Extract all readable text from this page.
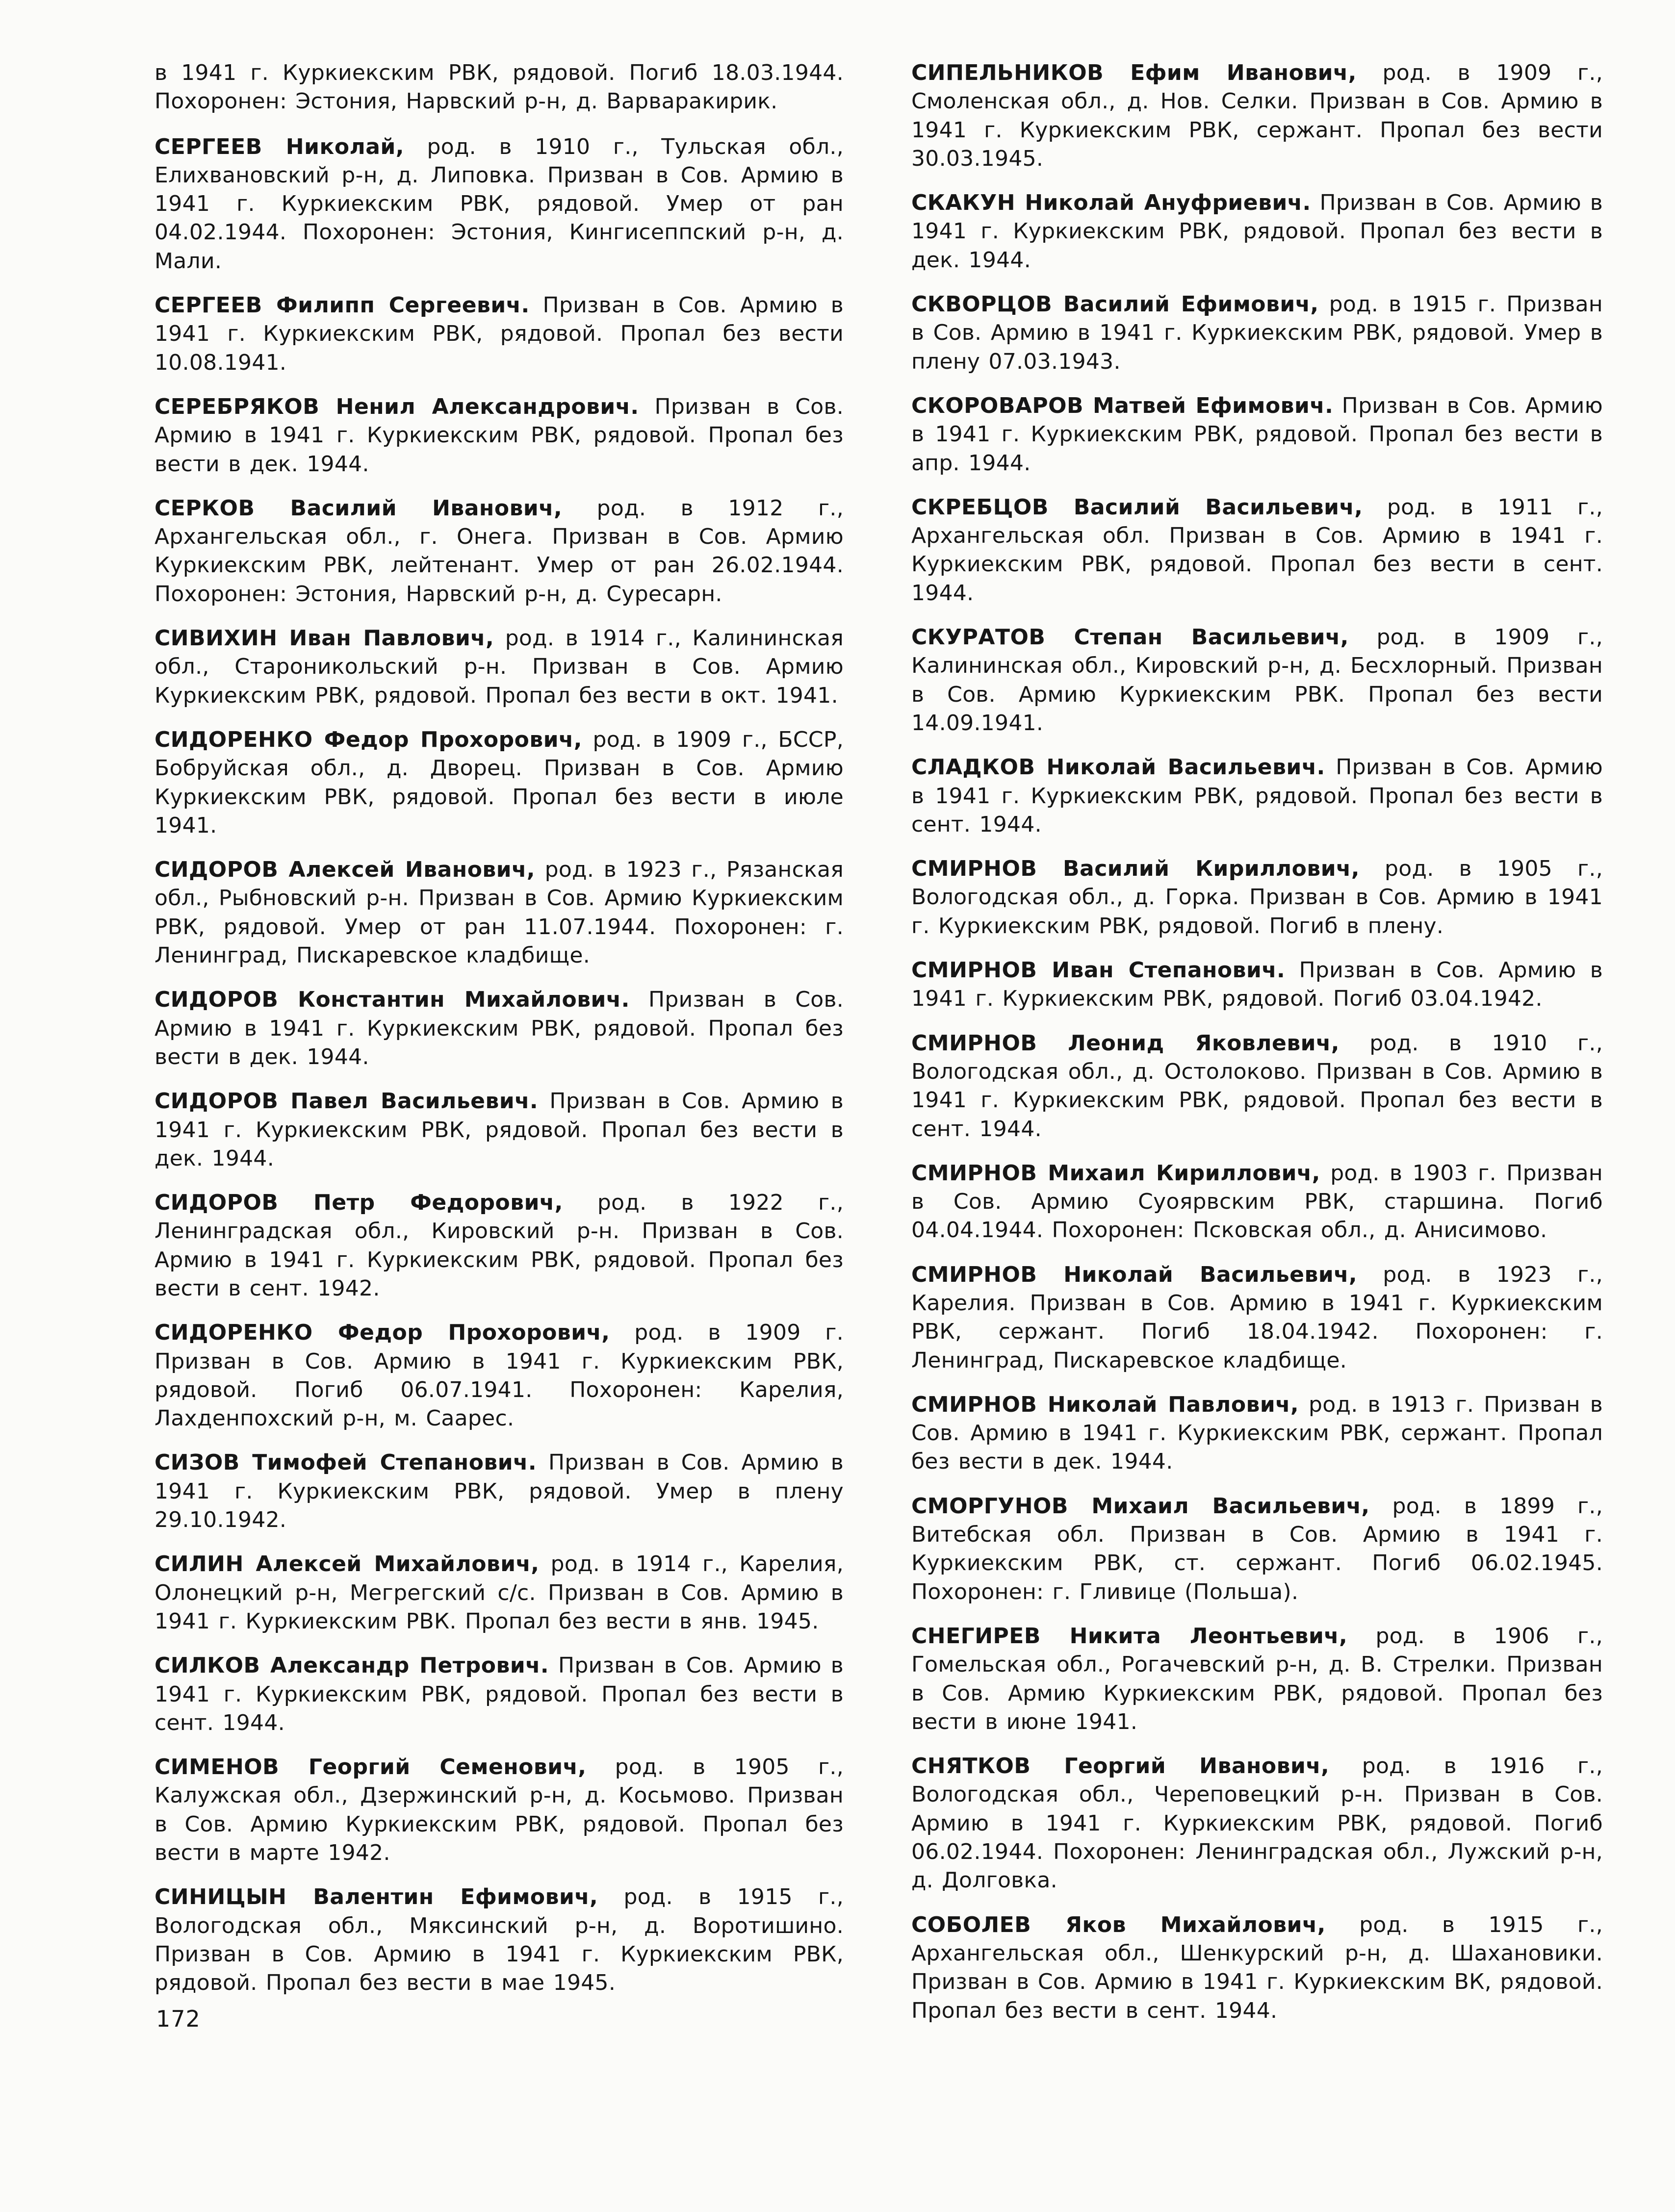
в 1941 г. Куркиекским РВК, рядовой. Погиб 18.03.1944. Похоронен: Эстония, Нарвский р-н, д. Варваракирик.

СЕРГЕЕВ Николай, род. в 1910 г., Тульская обл., Елихвановский р-н, д. Липовка. Призван в Сов. Армию в 1941 г. Куркиекским РВК, рядовой. Умер от ран 04.02.1944. Похоронен: Эстония, Кингисеппский р-н, д. Мали.

СЕРГЕЕВ Филипп Сергеевич. Призван в Сов. Армию в 1941 г. Куркиекским РВК, рядовой. Пропал без вести 10.08.1941.

СЕРЕБРЯКОВ Ненил Александрович. Призван в Сов. Армию в 1941 г. Куркиекским РВК, рядовой. Пропал без вести в дек. 1944.

СЕРКОВ Василий Иванович, род. в 1912 г., Архангельская обл., г. Онега. Призван в Сов. Армию Куркиекским РВК, лейтенант. Умер от ран 26.02.1944. Похоронен: Эстония, Нарвский р-н, д. Суресарн.

СИВИХИН Иван Павлович, род. в 1914 г., Калининская обл., Староникольский р-н. Призван в Сов. Армию Куркиекским РВК, рядовой. Пропал без вести в окт. 1941.

СИДОРЕНКО Федор Прохорович, род. в 1909 г., БССР, Бобруйская обл., д. Дворец. Призван в Сов. Армию Куркиекским РВК, рядовой. Пропал без вести в июле 1941.

СИДОРОВ Алексей Иванович, род. в 1923 г., Рязанская обл., Рыбновский р-н. Призван в Сов. Армию Куркиекским РВК, рядовой. Умер от ран 11.07.1944. Похоронен: г. Ленинград, Пискаревское кладбище.

СИДОРОВ Константин Михайлович. Призван в Сов. Армию в 1941 г. Куркиекским РВК, рядовой. Пропал без вести в дек. 1944.

СИДОРОВ Павел Васильевич. Призван в Сов. Армию в 1941 г. Куркиекским РВК, рядовой. Пропал без вести в дек. 1944.

СИДОРОВ Петр Федорович, род. в 1922 г., Ленинградская обл., Кировский р-н. Призван в Сов. Армию в 1941 г. Куркиекским РВК, рядовой. Пропал без вести в сент. 1942.

СИДОРЕНКО Федор Прохорович, род. в 1909 г. Призван в Сов. Армию в 1941 г. Куркиекским РВК, рядовой. Погиб 06.07.1941. Похоронен: Карелия, Лахденпохский р-н, м. Саарес.

СИЗОВ Тимофей Степанович. Призван в Сов. Армию в 1941 г. Куркиекским РВК, рядовой. Умер в плену 29.10.1942.

СИЛИН Алексей Михайлович, род. в 1914 г., Карелия, Олонецкий р-н, Мегрегский с/с. Призван в Сов. Армию в 1941 г. Куркиекским РВК. Пропал без вести в янв. 1945.

СИЛКОВ Александр Петрович. Призван в Сов. Армию в 1941 г. Куркиекским РВК, рядовой. Пропал без вести в сент. 1944.

СИМЕНОВ Георгий Семенович, род. в 1905 г., Калужская обл., Дзержинский р-н, д. Косьмово. Призван в Сов. Армию Куркиекским РВК, рядовой. Пропал без вести в марте 1942.

СИНИЦЫН Валентин Ефимович, род. в 1915 г., Вологодская обл., Мяксинский р-н, д. Воротишино. Призван в Сов. Армию в 1941 г. Куркиекским РВК, рядовой. Пропал без вести в мае 1945.

СИПЕЛЬНИКОВ Ефим Иванович, род. в 1909 г., Смоленская обл., д. Нов. Селки. Призван в Сов. Армию в 1941 г. Куркиекским РВК, сержант. Пропал без вести 30.03.1945.

СКАКУН Николай Ануфриевич. Призван в Сов. Армию в 1941 г. Куркиекским РВК, рядовой. Пропал без вести в дек. 1944.

СКВОРЦОВ Василий Ефимович, род. в 1915 г. Призван в Сов. Армию в 1941 г. Куркиекским РВК, рядовой. Умер в плену 07.03.1943.

СКОРОВАРОВ Матвей Ефимович. Призван в Сов. Армию в 1941 г. Куркиекским РВК, рядовой. Пропал без вести в апр. 1944.

СКРЕБЦОВ Василий Васильевич, род. в 1911 г., Архангельская обл. Призван в Сов. Армию в 1941 г. Куркиекским РВК, рядовой. Пропал без вести в сент. 1944.

СКУРАТОВ Степан Васильевич, род. в 1909 г., Калининская обл., Кировский р-н, д. Бесхлорный. Призван в Сов. Армию Куркиекским РВК. Пропал без вести 14.09.1941.

СЛАДКОВ Николай Васильевич. Призван в Сов. Армию в 1941 г. Куркиекским РВК, рядовой. Пропал без вести в сент. 1944.

СМИРНОВ Василий Кириллович, род. в 1905 г., Вологодская обл., д. Горка. Призван в Сов. Армию в 1941 г. Куркиекским РВК, рядовой. Погиб в плену.

СМИРНОВ Иван Степанович. Призван в Сов. Армию в 1941 г. Куркиекским РВК, рядовой. Погиб 03.04.1942.

СМИРНОВ Леонид Яковлевич, род. в 1910 г., Вологодская обл., д. Остолоково. Призван в Сов. Армию в 1941 г. Куркиекским РВК, рядовой. Пропал без вести в сент. 1944.

СМИРНОВ Михаил Кириллович, род. в 1903 г. Призван в Сов. Армию Суоярвским РВК, старшина. Погиб 04.04.1944. Похоронен: Псковская обл., д. Анисимово.

СМИРНОВ Николай Васильевич, род. в 1923 г., Карелия. Призван в Сов. Армию в 1941 г. Куркиекским РВК, сержант. Погиб 18.04.1942. Похоронен: г. Ленинград, Пискаревское кладбище.

СМИРНОВ Николай Павлович, род. в 1913 г. Призван в Сов. Армию в 1941 г. Куркиекским РВК, сержант. Пропал без вести в дек. 1944.

СМОРГУНОВ Михаил Васильевич, род. в 1899 г., Витебская обл. Призван в Сов. Армию в 1941 г. Куркиекским РВК, ст. сержант. Погиб 06.02.1945. Похоронен: г. Гливице (Польша).

СНЕГИРЕВ Никита Леонтьевич, род. в 1906 г., Гомельская обл., Рогачевский р-н, д. В. Стрелки. Призван в Сов. Армию Куркиекским РВК, рядовой. Пропал без вести в июне 1941.

СНЯТКОВ Георгий Иванович, род. в 1916 г., Вологодская обл., Череповецкий р-н. Призван в Сов. Армию в 1941 г. Куркиекским РВК, рядовой. Погиб 06.02.1944. Похоронен: Ленинградская обл., Лужский р-н, д. Долговка.

СОБОЛЕВ Яков Михайлович, род. в 1915 г., Архангельская обл., Шенкурский р-н, д. Шахановики. Призван в Сов. Армию в 1941 г. Куркиекским ВК, рядовой. Пропал без вести в сент. 1944.

172
